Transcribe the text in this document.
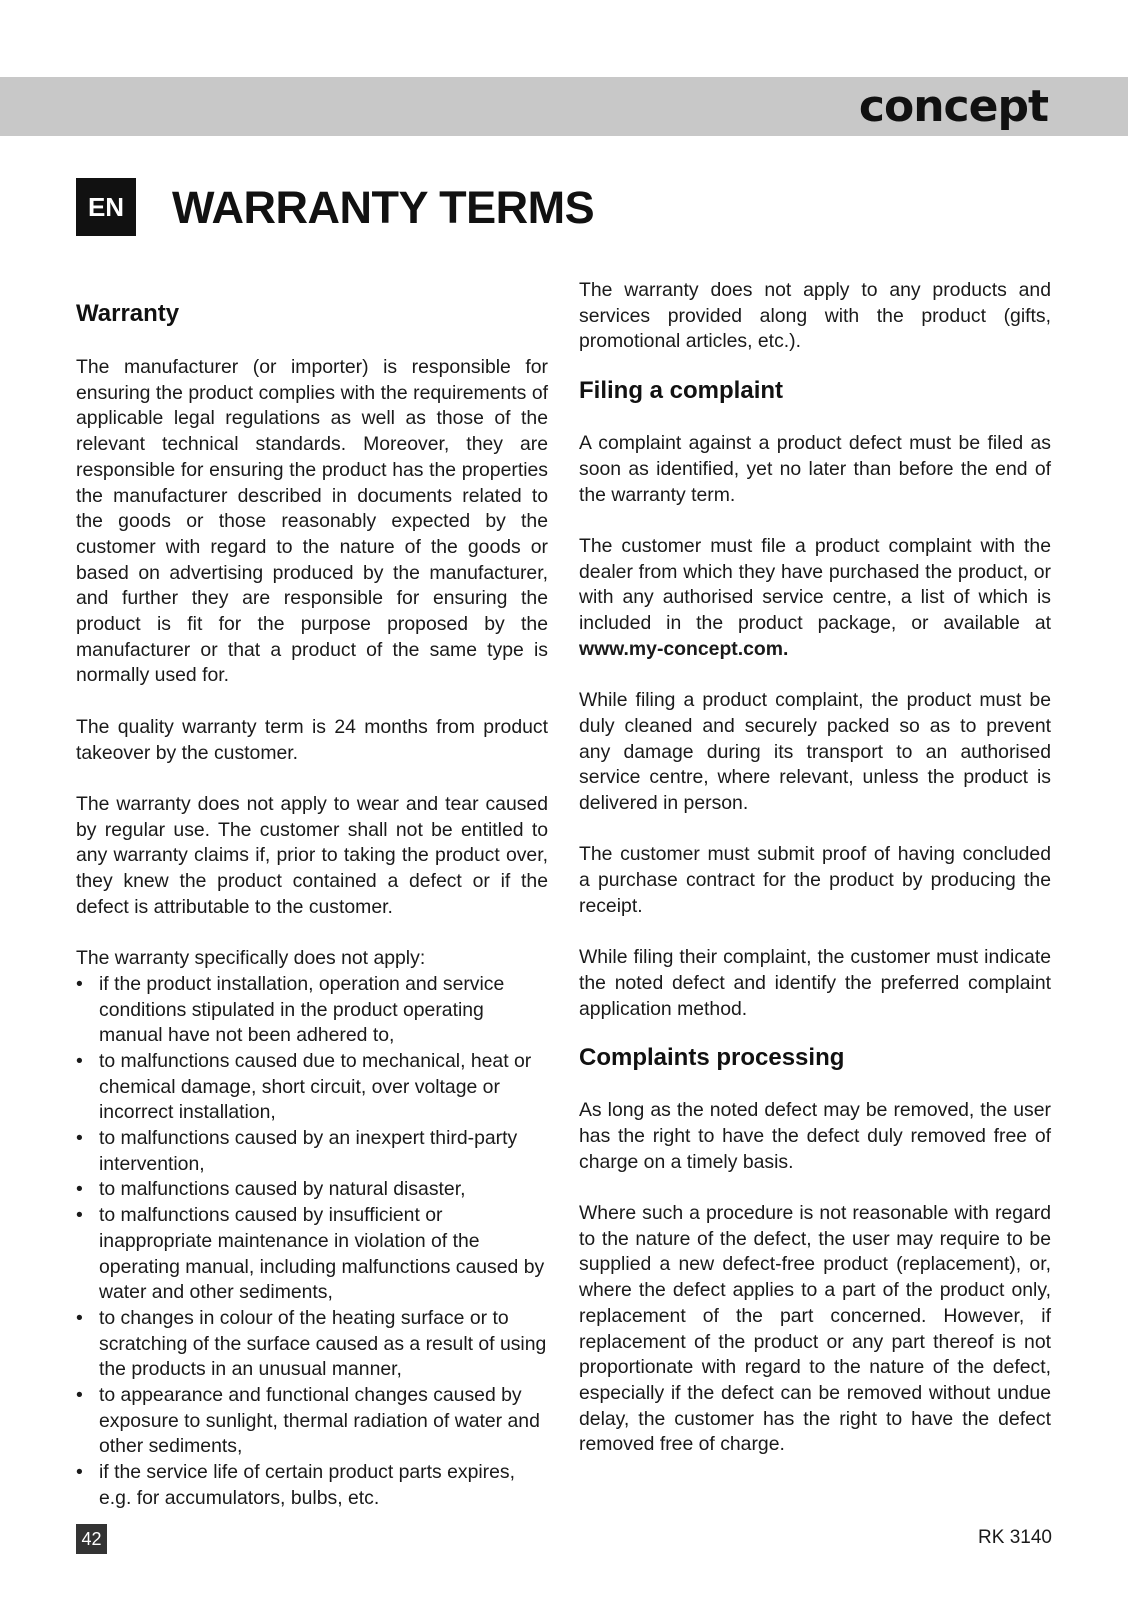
concept
EN WARRANTY TERMS
Warranty

The manufacturer (or importer) is responsible for ensuring the product complies with the requirements of applicable legal regulations as well as those of the relevant technical standards. Moreover, they are responsible for ensuring the product has the properties the manufacturer described in documents related to the goods or those reasonably expected by the customer with regard to the nature of the goods or based on advertising produced by the manufacturer, and further they are responsible for ensuring the product is fit for the purpose proposed by the manufacturer or that a product of the same type is normally used for.

The quality warranty term is 24 months from product takeover by the customer.

The warranty does not apply to wear and tear caused by regular use. The customer shall not be entitled to any warranty claims if, prior to taking the product over, they knew the product contained a defect or if the defect is attributable to the customer.

The warranty specifically does not apply:

• if the product installation, operation and service conditions stipulated in the product operating manual have not been adhered to,
• to malfunctions caused due to mechanical, heat or chemical damage, short circuit, over voltage or incorrect installation,
• to malfunctions caused by an inexpert third-party intervention,
• to malfunctions caused by natural disaster,
• to malfunctions caused by insufficient or inappropriate maintenance in violation of the operating manual, including malfunctions caused by water and other sediments,
• to changes in colour of the heating surface or to scratching of the surface caused as a result of using the products in an unusual manner,
• to appearance and functional changes caused by exposure to sunlight, thermal radiation of water and other sediments,
• if the service life of certain product parts expires, e.g. for accumulators, bulbs, etc.

The warranty does not apply to any products and services provided along with the product (gifts, promotional articles, etc.).

Filing a complaint

A complaint against a product defect must be filed as soon as identified, yet no later than before the end of the warranty term.

The customer must file a product complaint with the dealer from which they have purchased the product, or with any authorised service centre, a list of which is included in the product package, or available at www.my-concept.com.

While filing a product complaint, the product must be duly cleaned and securely packed so as to prevent any damage during its transport to an authorised service centre, where relevant, unless the product is delivered in person.

The customer must submit proof of having concluded a purchase contract for the product by producing the receipt.

While filing their complaint, the customer must indicate the noted defect and identify the preferred complaint application method.

Complaints processing

As long as the noted defect may be removed, the user has the right to have the defect duly removed free of charge on a timely basis.

Where such a procedure is not reasonable with regard to the nature of the defect, the user may require to be supplied a new defect-free product (replacement), or, where the defect applies to a part of the product only, replacement of the part concerned. However, if replacement of the product or any part thereof is not proportionate with regard to the nature of the defect, especially if the defect can be removed without undue delay, the customer has the right to have the defect removed free of charge.

42	RK 3140
